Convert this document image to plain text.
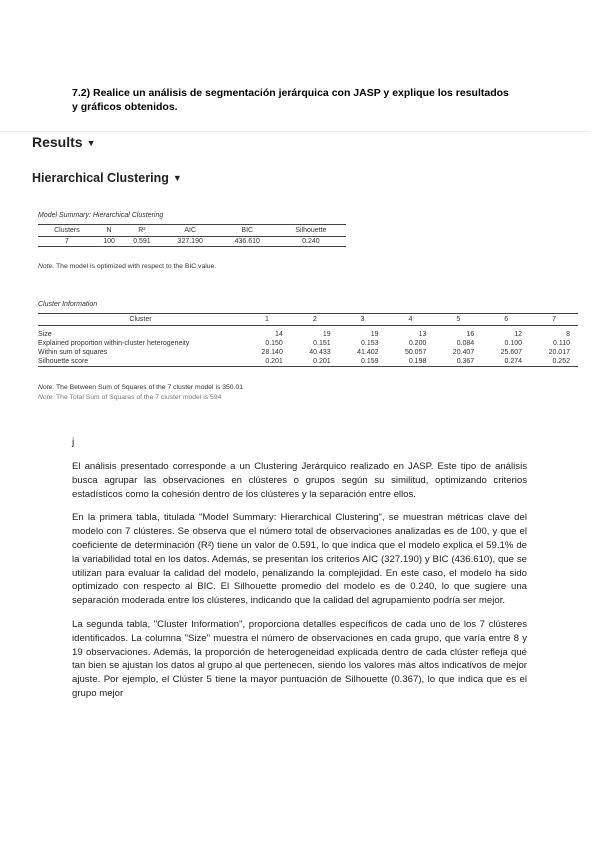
7.2) Realice un análisis de segmentación jerárquica con JASP y explique los resultados y gráficos obtenidos.
Results ▼
Hierarchical Clustering ▼
Model Summary: Hierarchical Clustering
Clusters	N	R²	AIC	BIC	Silhouette
7	100	0.591	327.190	436.610	0.240
Note. The model is optimized with respect to the BIC value.
Cluster Information
Cluster	1	2	3	4	5	6	7
Size	14	19	19	13	16	12	8
Explained proportion within-cluster heterogeneity	0.150	0.151	0.153	0.200	0.084	0.100	0.110
Within sum of squares	28.140	40.433	41.402	50.057	20.407	25.607	20.017
Silhouette score	0.201	0.201	0.159	0.198	0.367	0.274	0.252
Note. The Between Sum of Squares of the 7 cluster model is 350.01
Note. The Total Sum of Squares of the 7 cluster model is 594
j

El análisis presentado corresponde a un Clustering Jerárquico realizado en JASP. Este tipo de análisis busca agrupar las observaciones en clústeres o grupos según su similitud, optimizando criterios estadísticos como la cohesión dentro de los clústeres y la separación entre ellos.

En la primera tabla, titulada "Model Summary: Hierarchical Clustering", se muestran métricas clave del modelo con 7 clústeres. Se observa que el número total de observaciones analizadas es de 100, y que el coeficiente de determinación (R²) tiene un valor de 0.591, lo que indica que el modelo explica el 59.1% de la variabilidad total en los datos. Además, se presentan los criterios AIC (327.190) y BIC (436.610), que se utilizan para evaluar la calidad del modelo, penalizando la complejidad. En este caso, el modelo ha sido optimizado con respecto al BIC. El Silhouette promedio del modelo es de 0.240, lo que sugiere una separación moderada entre los clústeres, indicando que la calidad del agrupamiento podría ser mejor.

La segunda tabla, "Cluster Information", proporciona detalles específicos de cada uno de los 7 clústeres identificados. La columna "Size" muestra el número de observaciones en cada grupo, que varía entre 8 y 19 observaciones. Además, la proporción de heterogeneidad explicada dentro de cada clúster refleja qué tan bien se ajustan los datos al grupo al que pertenecen, siendo los valores más altos indicativos de mejor ajuste. Por ejemplo, el Clúster 5 tiene la mayor puntuación de Silhouette (0.367), lo que indica que es el grupo mejor
